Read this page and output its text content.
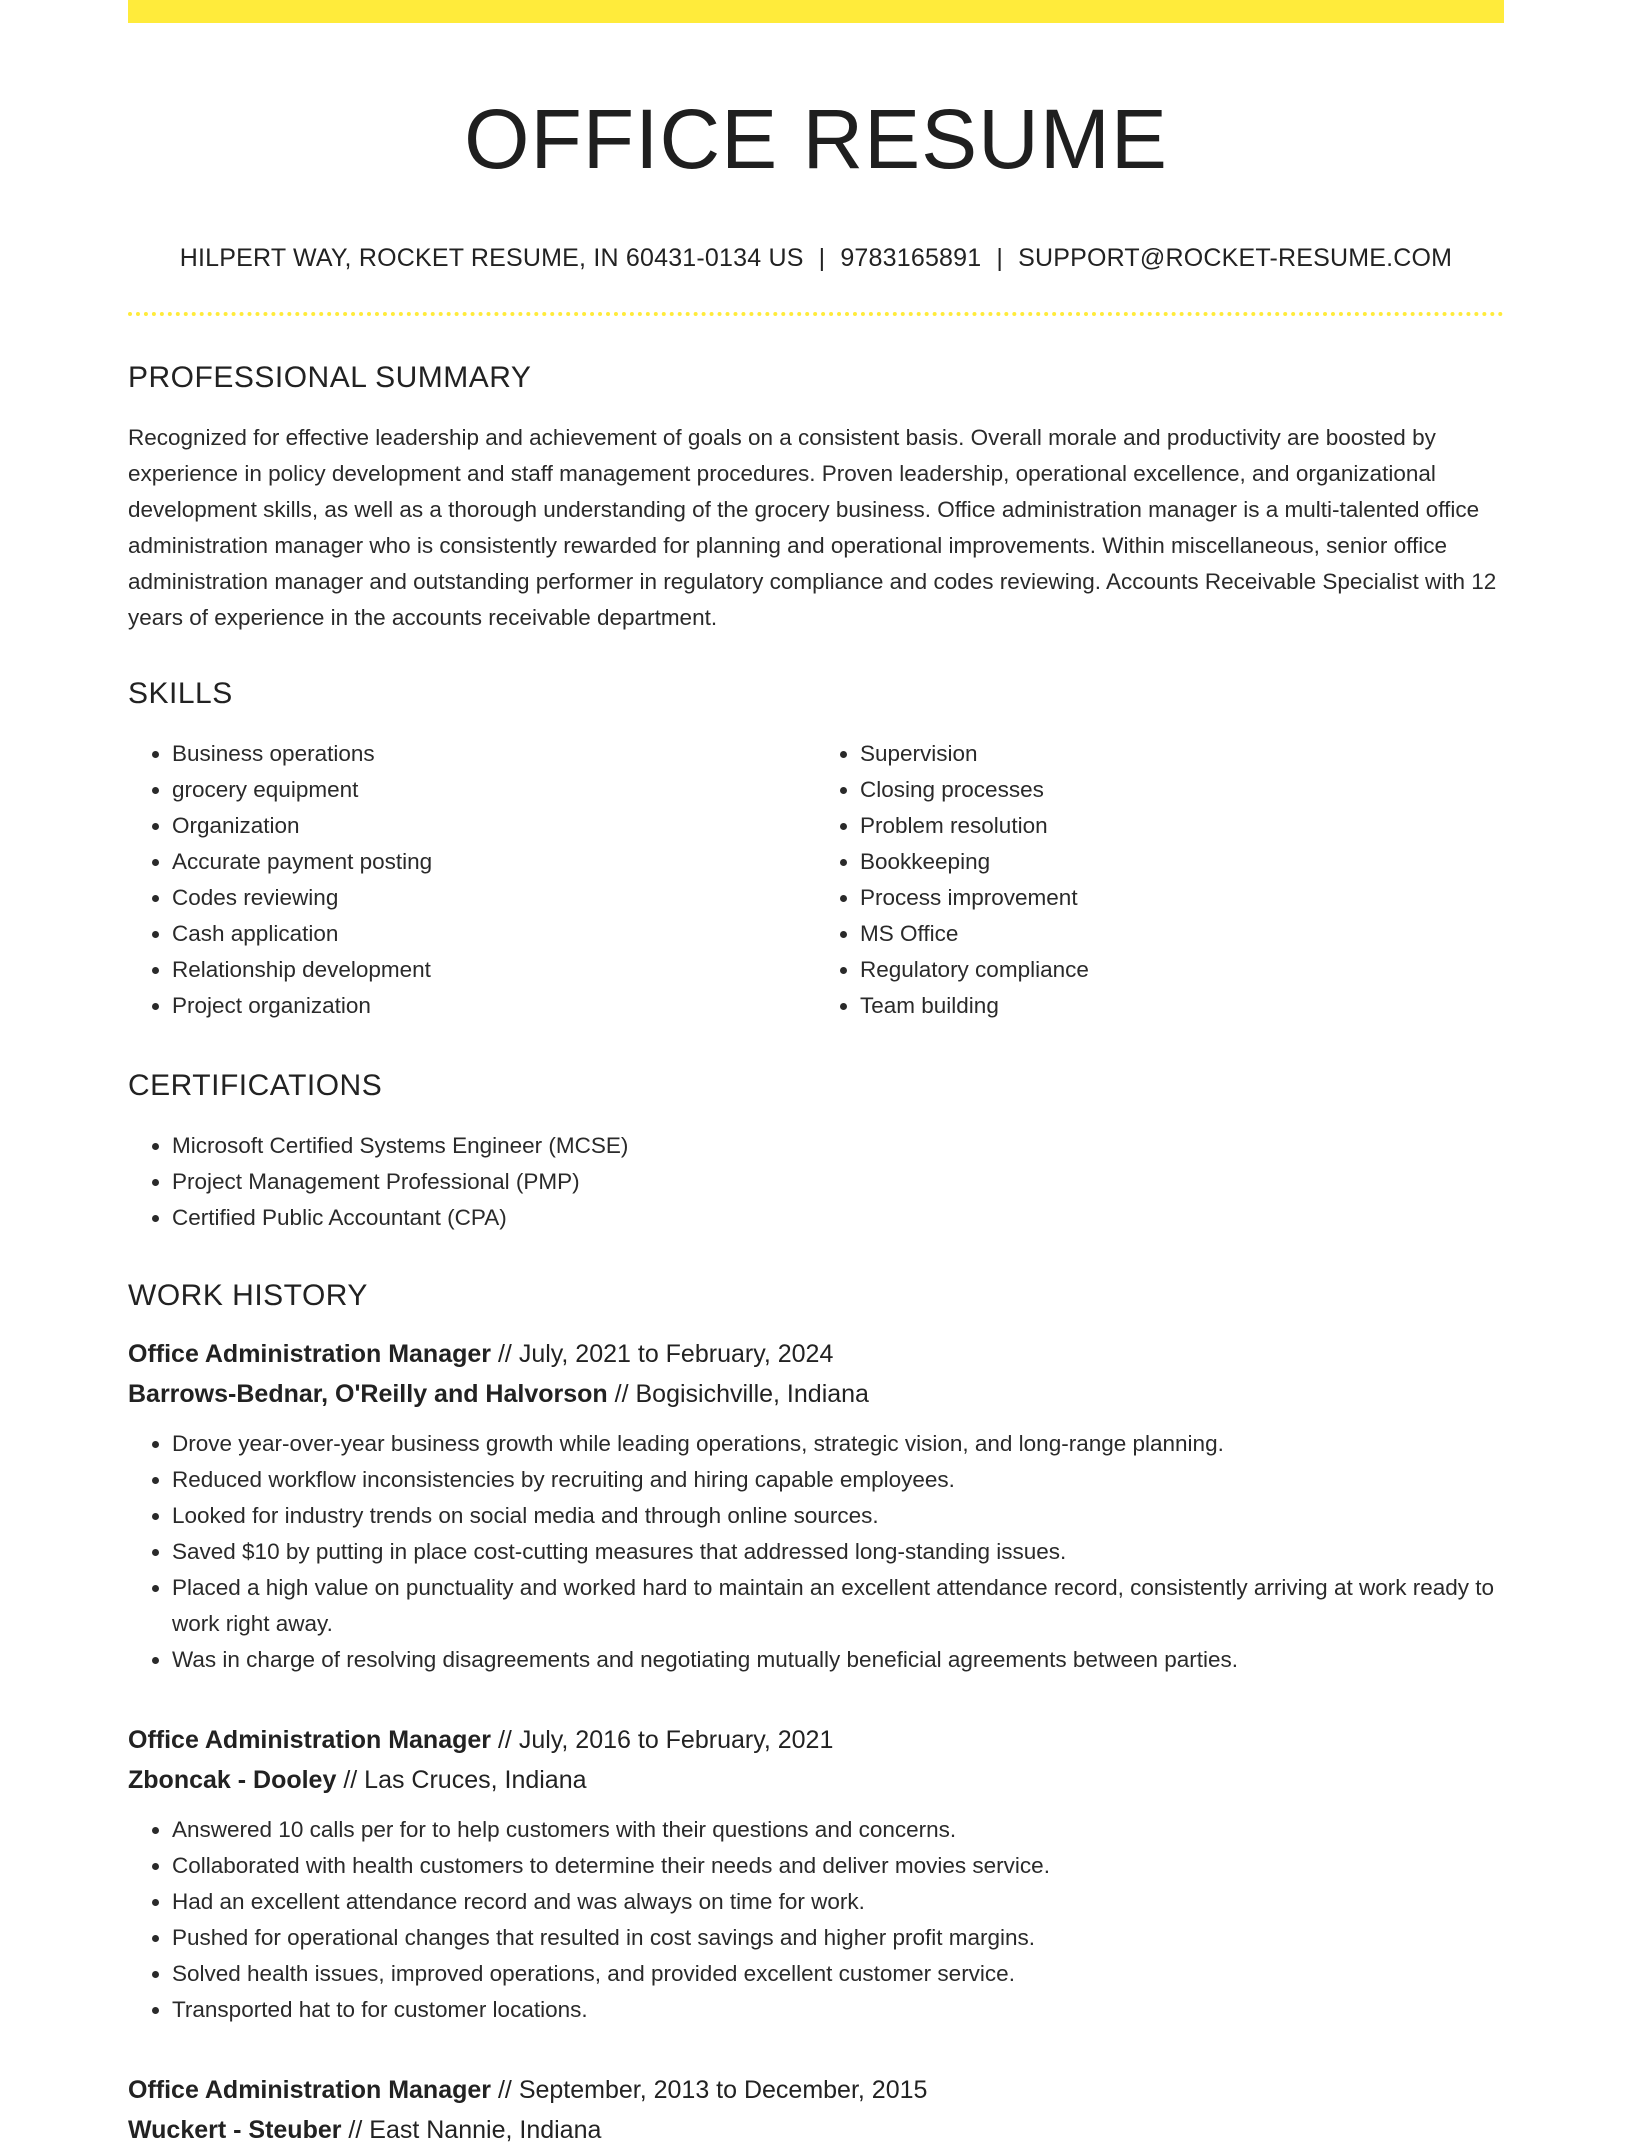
OFFICE RESUME
HILPERT WAY, ROCKET RESUME, IN 60431-0134 US | 9783165891 | SUPPORT@ROCKET-RESUME.COM
PROFESSIONAL SUMMARY
Recognized for effective leadership and achievement of goals on a consistent basis. Overall morale and productivity are boosted by experience in policy development and staff management procedures. Proven leadership, operational excellence, and organizational development skills, as well as a thorough understanding of the grocery business. Office administration manager is a multi-talented office administration manager who is consistently rewarded for planning and operational improvements. Within miscellaneous, senior office administration manager and outstanding performer in regulatory compliance and codes reviewing. Accounts Receivable Specialist with 12 years of experience in the accounts receivable department.
SKILLS
• Business operations
• grocery equipment
• Organization
• Accurate payment posting
• Codes reviewing
• Cash application
• Relationship development
• Project organization
• Supervision
• Closing processes
• Problem resolution
• Bookkeeping
• Process improvement
• MS Office
• Regulatory compliance
• Team building
CERTIFICATIONS
• Microsoft Certified Systems Engineer (MCSE)
• Project Management Professional (PMP)
• Certified Public Accountant (CPA)
WORK HISTORY
Office Administration Manager // July, 2021 to February, 2024
Barrows-Bednar, O'Reilly and Halvorson // Bogisichville, Indiana
• Drove year-over-year business growth while leading operations, strategic vision, and long-range planning.
• Reduced workflow inconsistencies by recruiting and hiring capable employees.
• Looked for industry trends on social media and through online sources.
• Saved $10 by putting in place cost-cutting measures that addressed long-standing issues.
• Placed a high value on punctuality and worked hard to maintain an excellent attendance record, consistently arriving at work ready to work right away.
• Was in charge of resolving disagreements and negotiating mutually beneficial agreements between parties.
Office Administration Manager // July, 2016 to February, 2021
Zboncak - Dooley // Las Cruces, Indiana
• Answered 10 calls per for to help customers with their questions and concerns.
• Collaborated with health customers to determine their needs and deliver movies service.
• Had an excellent attendance record and was always on time for work.
• Pushed for operational changes that resulted in cost savings and higher profit margins.
• Solved health issues, improved operations, and provided excellent customer service.
• Transported hat to for customer locations.
Office Administration Manager // September, 2013 to December, 2015
Wuckert - Steuber // East Nannie, Indiana
